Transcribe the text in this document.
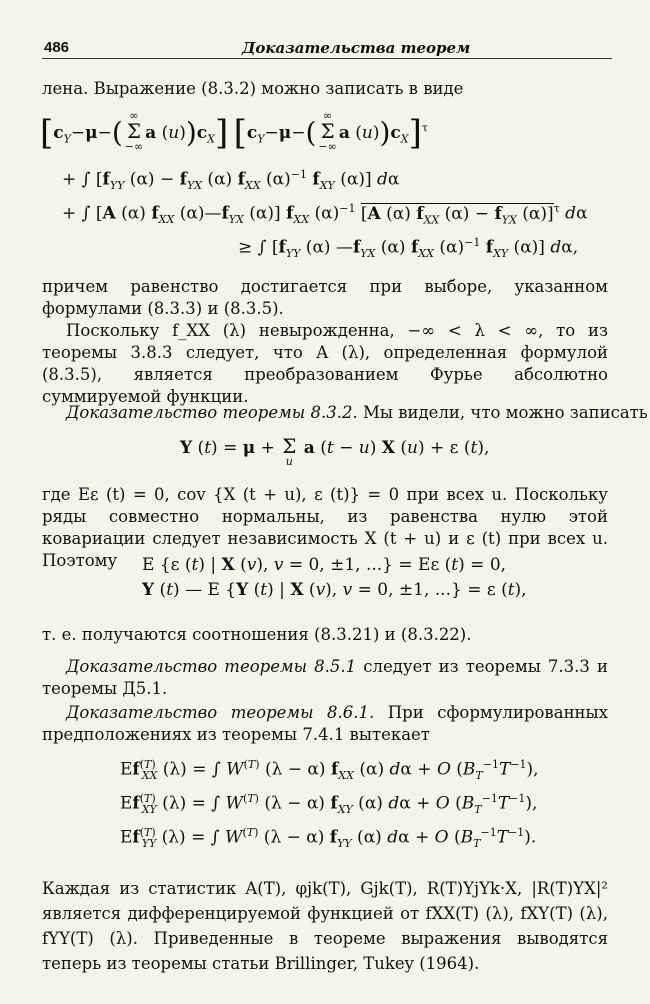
486	Доказательства теорем
лена. Выражение (8.3.2) можно записать в виде
[$c_Y-\mu-(\infty$
Σ
−∞a $(u))c_X$] [$c_Y-\mu-(\infty$
Σ
−∞a $(u))c_X]^\tau$
+ ∫ [$f_{YY}$ $(\alpha) - f_{YX}$ (α) $f_{XX}$ $(\alpha)^{-1}$ $f_{XY}$ (α)] dα
+ ∫ [A (α) $f_{XX}$ $(\alpha)—f_{YX}$ (α)] $f_{XX}$ $(\alpha)^{-1}$ [A (α) $f_{XX}$ $(\alpha) - f_{YX}$ (α)]$^\tau$ dα
≥ ∫ [$f_{YY}$ (α) $—f_{YX}$ (α) $f_{XX}$ $(\alpha)^{-1}$ $f_{XY}$ (α)] dα,
причем равенство достигается при выборе, указанном формулами (8.3.3) и (8.3.5).
Поскольку f_XX (λ) невырожденна, −∞ < λ < ∞, то из теоремы 3.8.3 следует, что A (λ), определенная формулой (8.3.5), является преобразованием Фурье абсолютно суммируемой функции.
Доказательство теоремы 8.3.2. Мы видели, что можно записать
Y (t) = μ + Σ
u a (t − u) X (u) + ε (t),
где Eε (t) = 0, cov {X (t + u), ε (t)} = 0 при всех u. Поскольку ряды совместно нормальны, из равенства нулю этой ковариации следует независимость X (t + u) и ε (t) при всех u. Поэтому	E {ε (t) | X (v), v = 0, ±1, ...} = Eε (t) = 0,
Y (t) — E {Y (t) | X (v), v = 0, ±1, ...} = ε (t),
т. е. получаются соотношения (8.3.21) и (8.3.22).
Доказательство теоремы 8.5.1 следует из теоремы 7.3.3 и теоремы Д5.1.
Доказательство теоремы 8.6.1. При сформулированных предположениях из теоремы 7.4.1 вытекает
$Ef^{(T)}_{XX}$ (λ) = ∫ $W^{(T)}$ (λ − α) $f_{XX}$ (α) dα + O $(B_T^{-1}T^{-1})$,
$Ef^{(T)}_{XY}$ (λ) = ∫ $W^{(T)}$ (λ − α) $f_{XY}$ (α) dα + O $(B_T^{-1}T^{-1})$,
$Ef^{(T)}_{YY}$ (λ) = ∫ $W^{(T)}$ (λ − α) $f_{YY}$ (α) dα + O $(B_T^{-1}T^{-1})$.
Каждая из статистик A(T), φjk(T), Gjk(T), R(T)YjYk·X, |R(T)YX|² является дифференцируемой функцией от fXX(T) (λ), fXY(T) (λ), fYY(T) (λ). Приведенные в теореме выражения выводятся теперь из теоремы статьи Brillinger, Tukey (1964).
